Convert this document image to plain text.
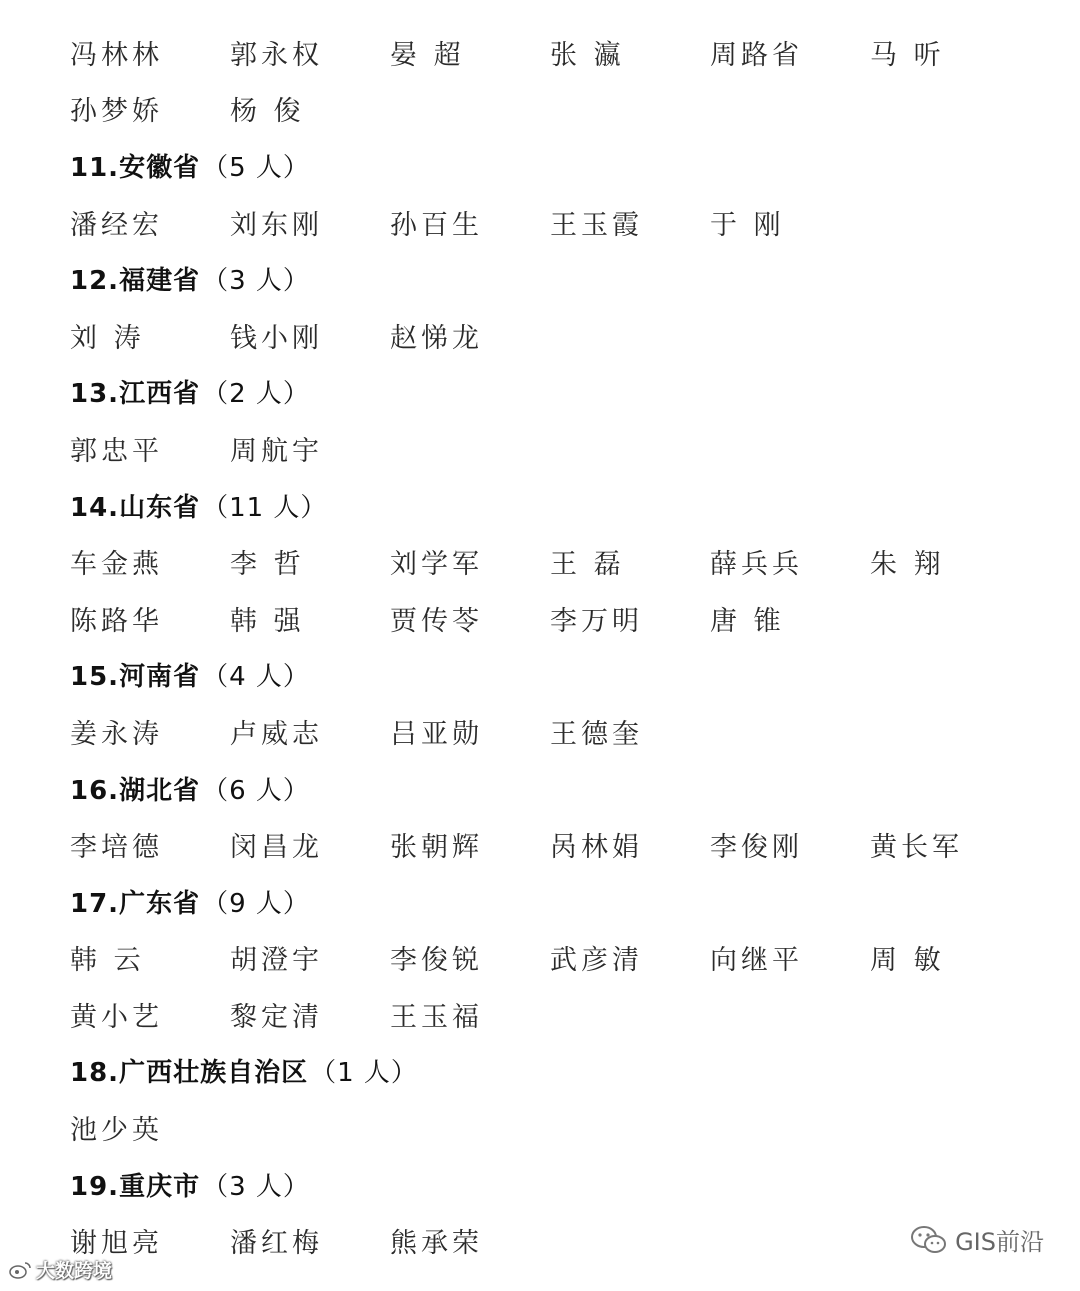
冯林林	郭永权	晏 超	张 瀛	周路省	马 听
孙梦娇	杨 俊
11.安徽省（5 人）
潘经宏	刘东刚	孙百生	王玉霞	于 刚
12.福建省（3 人）
刘 涛	钱小刚	赵悌龙
13.江西省（2 人）
郭忠平	周航宇
14.山东省（11 人）
车金燕	李 哲	刘学军	王 磊	薛兵兵	朱 翔
陈路华	韩 强	贾传苓	李万明	唐 锥
15.河南省（4 人）
姜永涛	卢威志	吕亚勋	王德奎
16.湖北省（6 人）
李培德	闵昌龙	张朝辉	呙林娟	李俊刚	黄长军
17.广东省（9 人）
韩 云	胡澄宇	李俊锐	武彦清	向继平	周 敏
黄小艺	黎定清	王玉福
18.广西壮族自治区（1 人）
池少英
19.重庆市（3 人）
谢旭亮	潘红梅	熊承荣
大数跨境
GIS前沿
